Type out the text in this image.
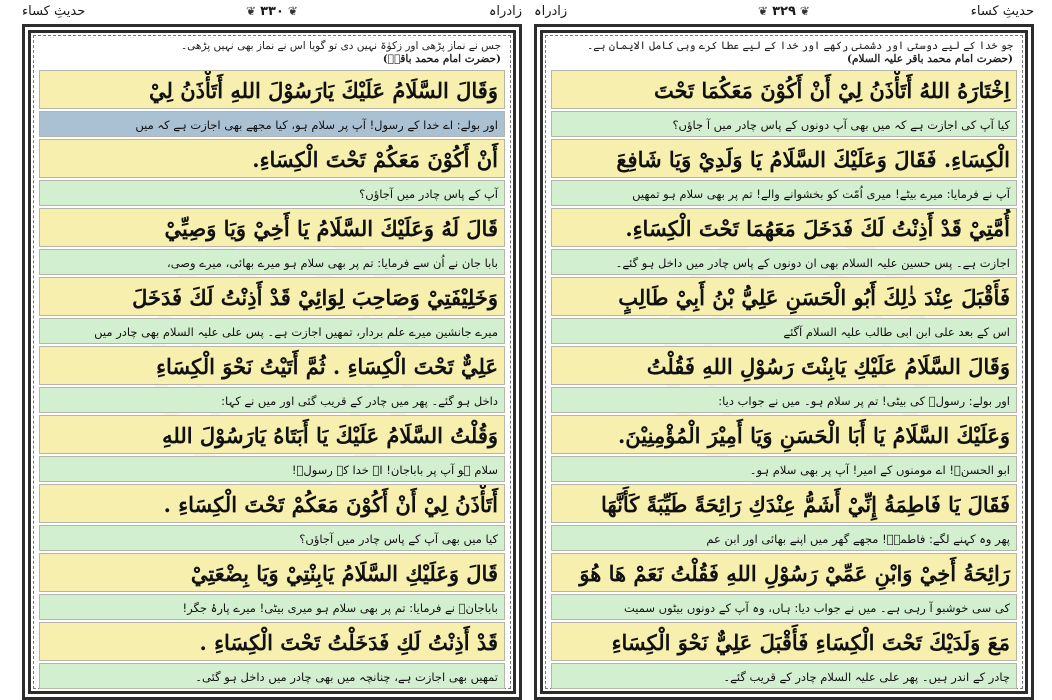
حدیثِ کساء	❦ ۳۳۰ ❦	زادراہ
جس نے نماز پڑھی اور زکوٰۃ نہیں دی تو گویا اس نے نماز بھی نہیں پڑھی۔
(حضرت امام محمد باقرؑ)
وَقَالَ السَّلَامُ عَلَيْكَ يَارَسُوْلَ اللهِ أَتَأْذَنُ لِيْ
اور بولے: اے خدا کے رسول! آپ پر سلام ہو، کیا مجھے بھی اجازت ہے کہ میں
أَنْ أَكُوْنَ مَعَكُمْ تَحْتَ الْكِسَاءِ.
آپ کے پاس چادر میں آجاؤں؟
قَالَ لَهُ وَعَلَيْكَ السَّلَامُ يَا أَخِيْ وَيَا وَصِيِّيْ
بابا جان نے اُن سے فرمایا: تم پر بھی سلام ہو میرے بھائی، میرے وصی،
وَخَلِيْفَتِيْ وَصَاحِبَ لِوَائِيْ قَدْ أَذِنْتُ لَكَ فَدَخَلَ
میرے جانشین میرے علم بردار، تمھیں اجازت ہے۔ پس علی علیہ السلام بھی چادر میں
عَلِيٌّ تَحْتَ الْكِسَاءِ . ثُمَّ أَتَيْتُ نَحْوَ الْكِسَاءِ
داخل ہو گئے۔ پھر میں چادر کے قریب گئی اور میں نے کہا:
وَقُلْتُ السَّلَامُ عَلَيْكَ يَا أَبَتَاهُ يَارَسُوْلَ اللهِ
سلام ہو آپ پر باباجان! اے خدا کے رسولؐ!
أَتَأْذَنُ لِيْ أَنْ أَكُوْنَ مَعَكُمْ تَحْتَ الْكِسَاءِ .
کیا میں بھی آپ کے پاس چادر میں آجاؤں؟
قَالَ وَعَلَيْكِ السَّلَامُ يَابِنْتِيْ وَيَا بِضْعَتِيْ
باباجانؐ نے فرمایا: تم پر بھی سلام ہو میری بیٹی! میرے پارۂ جگر!
قَدْ أَذِنْتُ لَكِ فَدَخَلْتُ تَحْتَ الْكِسَاءِ .
تمھیں بھی اجازت ہے، چنانچہ میں بھی چادر میں داخل ہو گئی۔
زادراہ	❦ ۳۲۹ ❦	حدیثِ کساء
جو خدا کے لیے دوستی اور دشمنی رکھے اور خدا کے لیے عطا کرے وہی کامل الایمان ہے۔
(حضرت امام محمد باقر علیہ السلام)
اِخْتَارَهُ اللهُ أَتَأْذَنُ لِيْ أَنْ أَكُوْنَ مَعَكُمَا تَحْتَ
کیا آپ کی اجازت ہے کہ میں بھی آپ دونوں کے پاس چادر میں آ جاؤں؟
الْكِسَاءِ. فَقَالَ وَعَلَيْكَ السَّلَامُ يَا وَلَدِيْ وَيَا شَافِعَ
آپ نے فرمایا: میرے بیٹے! میری اُمّت کو بخشوانے والے! تم پر بھی سلام ہو تمھیں
أُمَّتِيْ قَدْ أَذِنْتُ لَكَ فَدَخَلَ مَعَهُمَا تَحْتَ الْكِسَاءِ.
اجازت ہے۔ پس حسین علیہ السلام بھی ان دونوں کے پاس چادر میں داخل ہو گئے۔
فَأَقْبَلَ عِنْدَ ذٰلِكَ أَبُو الْحَسَنِ عَلِيُّ بْنُ أَبِيْ طَالِبٍ
اس کے بعد علی ابن ابی طالب علیہ السلام آگئے
وَقَالَ السَّلَامُ عَلَيْكِ يَابِنْتَ رَسُوْلِ اللهِ فَقُلْتُ
اور بولے: رسولؐ کی بیٹی! تم پر سلام ہو۔ میں نے جواب دیا:
وَعَلَيْكَ السَّلَامُ يَا أَبَا الْحَسَنِ وَيَا أَمِيْرَ الْمُؤْمِنِيْنَ.
ابو الحسنؑ! اے مومنوں کے امیر! آپ پر بھی سلام ہو۔
فَقَالَ يَا فَاطِمَةُ إِنِّيْ أَشَمُّ عِنْدَكِ رَائِحَةً طَيِّبَةً كَأَنَّهَا
پھر وہ کہنے لگے: فاطمہؑ! مجھے گھر میں اپنے بھائی اور ابن عم
رَائِحَةُ أَخِيْ وَابْنِ عَمِّيْ رَسُوْلِ اللهِ فَقُلْتُ نَعَمْ هَا هُوَ
کی سی خوشبو آ رہی ہے۔ میں نے جواب دیا: ہاں، وہ آپ کے دونوں بیٹوں سمیت
مَعَ وَلَدَيْكَ تَحْتَ الْكِسَاءِ فَأَقْبَلَ عَلِيٌّ نَحْوَ الْكِسَاءِ
چادر کے اندر ہیں۔ پھر علی علیہ السلام چادر کے قریب گئے۔
